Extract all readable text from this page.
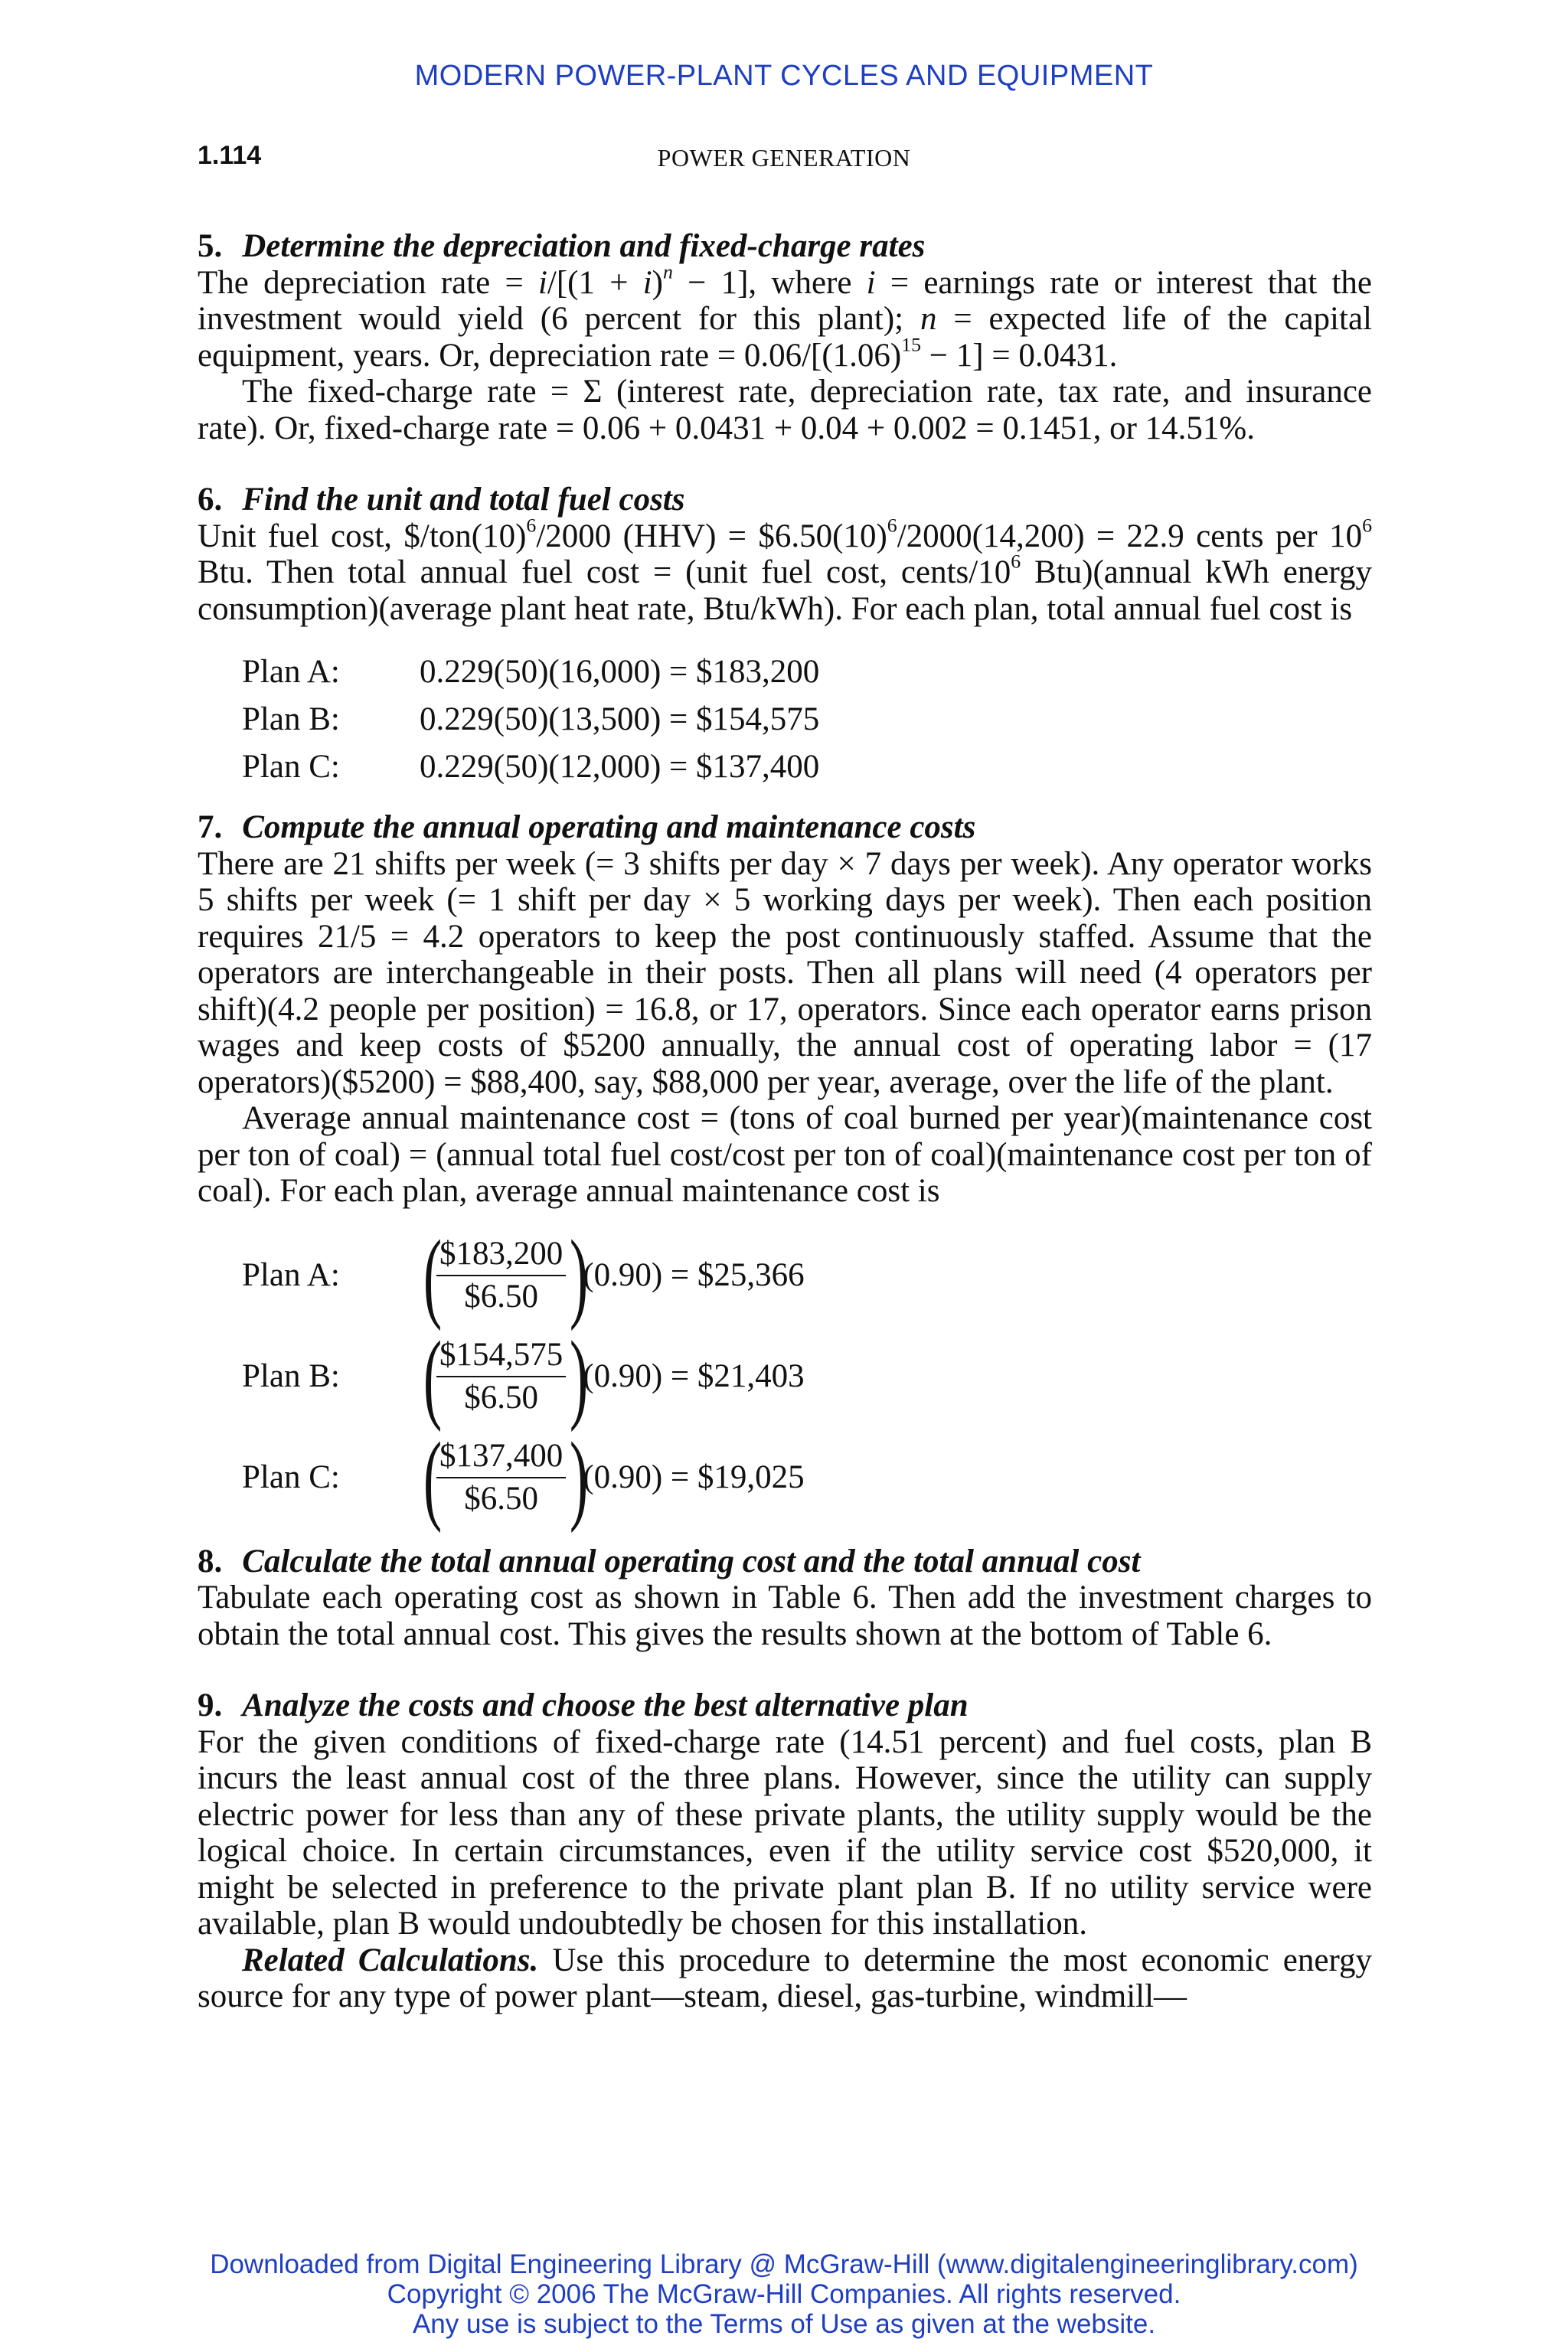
MODERN POWER-PLANT CYCLES AND EQUIPMENT
1.114	POWER GENERATION
5. Determine the depreciation and fixed-charge rates

The depreciation rate = $i/[(1 + i)^n - 1]$, where i = earnings rate or interest that the investment would yield (6 percent for this plant); n = expected life of the capital equipment, years. Or, depreciation rate = $0.06/[(1.06)^{15} - 1] = 0.0431$.

The fixed-charge rate = Σ (interest rate, depreciation rate, tax rate, and insurance rate). Or, fixed-charge rate = 0.06 + 0.0431 + 0.04 + 0.002 = 0.1451, or 14.51%.

6. Find the unit and total fuel costs

Unit fuel cost, $\$/ton(10)^6/2000$ $(HHV) = \$6.50(10)^6/2000(14,200) = 22.9$ cents per $10^6$ Btu. Then total annual fuel cost = (unit fuel cost, cents/$10^6$ Btu)(annual kWh energy consumption)(average plant heat rate, Btu/kWh). For each plan, total annual fuel cost is

Plan A:	0.229(50)(16,000) = $183,200
Plan B:	0.229(50)(13,500) = $154,575
Plan C:	0.229(50)(12,000) = $137,400
7. Compute the annual operating and maintenance costs

There are 21 shifts per week (= 3 shifts per day × 7 days per week). Any operator works 5 shifts per week (= 1 shift per day × 5 working days per week). Then each position requires 21/5 = 4.2 operators to keep the post continuously staffed. Assume that the operators are interchangeable in their posts. Then all plans will need (4 operators per shift)(4.2 people per position) = 16.8, or 17, operators. Since each operator earns prison wages and keep costs of $5200 annually, the annual cost of operating labor = (17 operators)($5200) = $88,400, say, $88,000 per year, average, over the life of the plant.

Average annual maintenance cost = (tons of coal burned per year)(maintenance cost per ton of coal) = (annual total fuel cost/cost per ton of coal)(maintenance cost per ton of coal). For each plan, average annual maintenance cost is

Plan A:	(
$\frac{\$183,200}{\$6.50}$ )
(0.90) = $25,366

Plan B:	(
$\frac{\$154,575}{\$6.50}$ )
(0.90) = $21,403

Plan C:	(
$\frac{\$137,400}{\$6.50}$ )
(0.90) = $19,025
8. Calculate the total annual operating cost and the total annual cost

Tabulate each operating cost as shown in Table 6. Then add the investment charges to obtain the total annual cost. This gives the results shown at the bottom of Table 6.

9. Analyze the costs and choose the best alternative plan

For the given conditions of fixed-charge rate (14.51 percent) and fuel costs, plan B incurs the least annual cost of the three plans. However, since the utility can supply electric power for less than any of these private plants, the utility supply would be the logical choice. In certain circumstances, even if the utility service cost $520,000, it might be selected in preference to the private plant plan B. If no utility service were available, plan B would undoubtedly be chosen for this installation.

Related Calculations. Use this procedure to determine the most economic energy source for any type of power plant—steam, diesel, gas-turbine, windmill—

Downloaded from Digital Engineering Library @ McGraw-Hill (www.digitalengineeringlibrary.com)
Copyright © 2006 The McGraw-Hill Companies. All rights reserved.
Any use is subject to the Terms of Use as given at the website.
